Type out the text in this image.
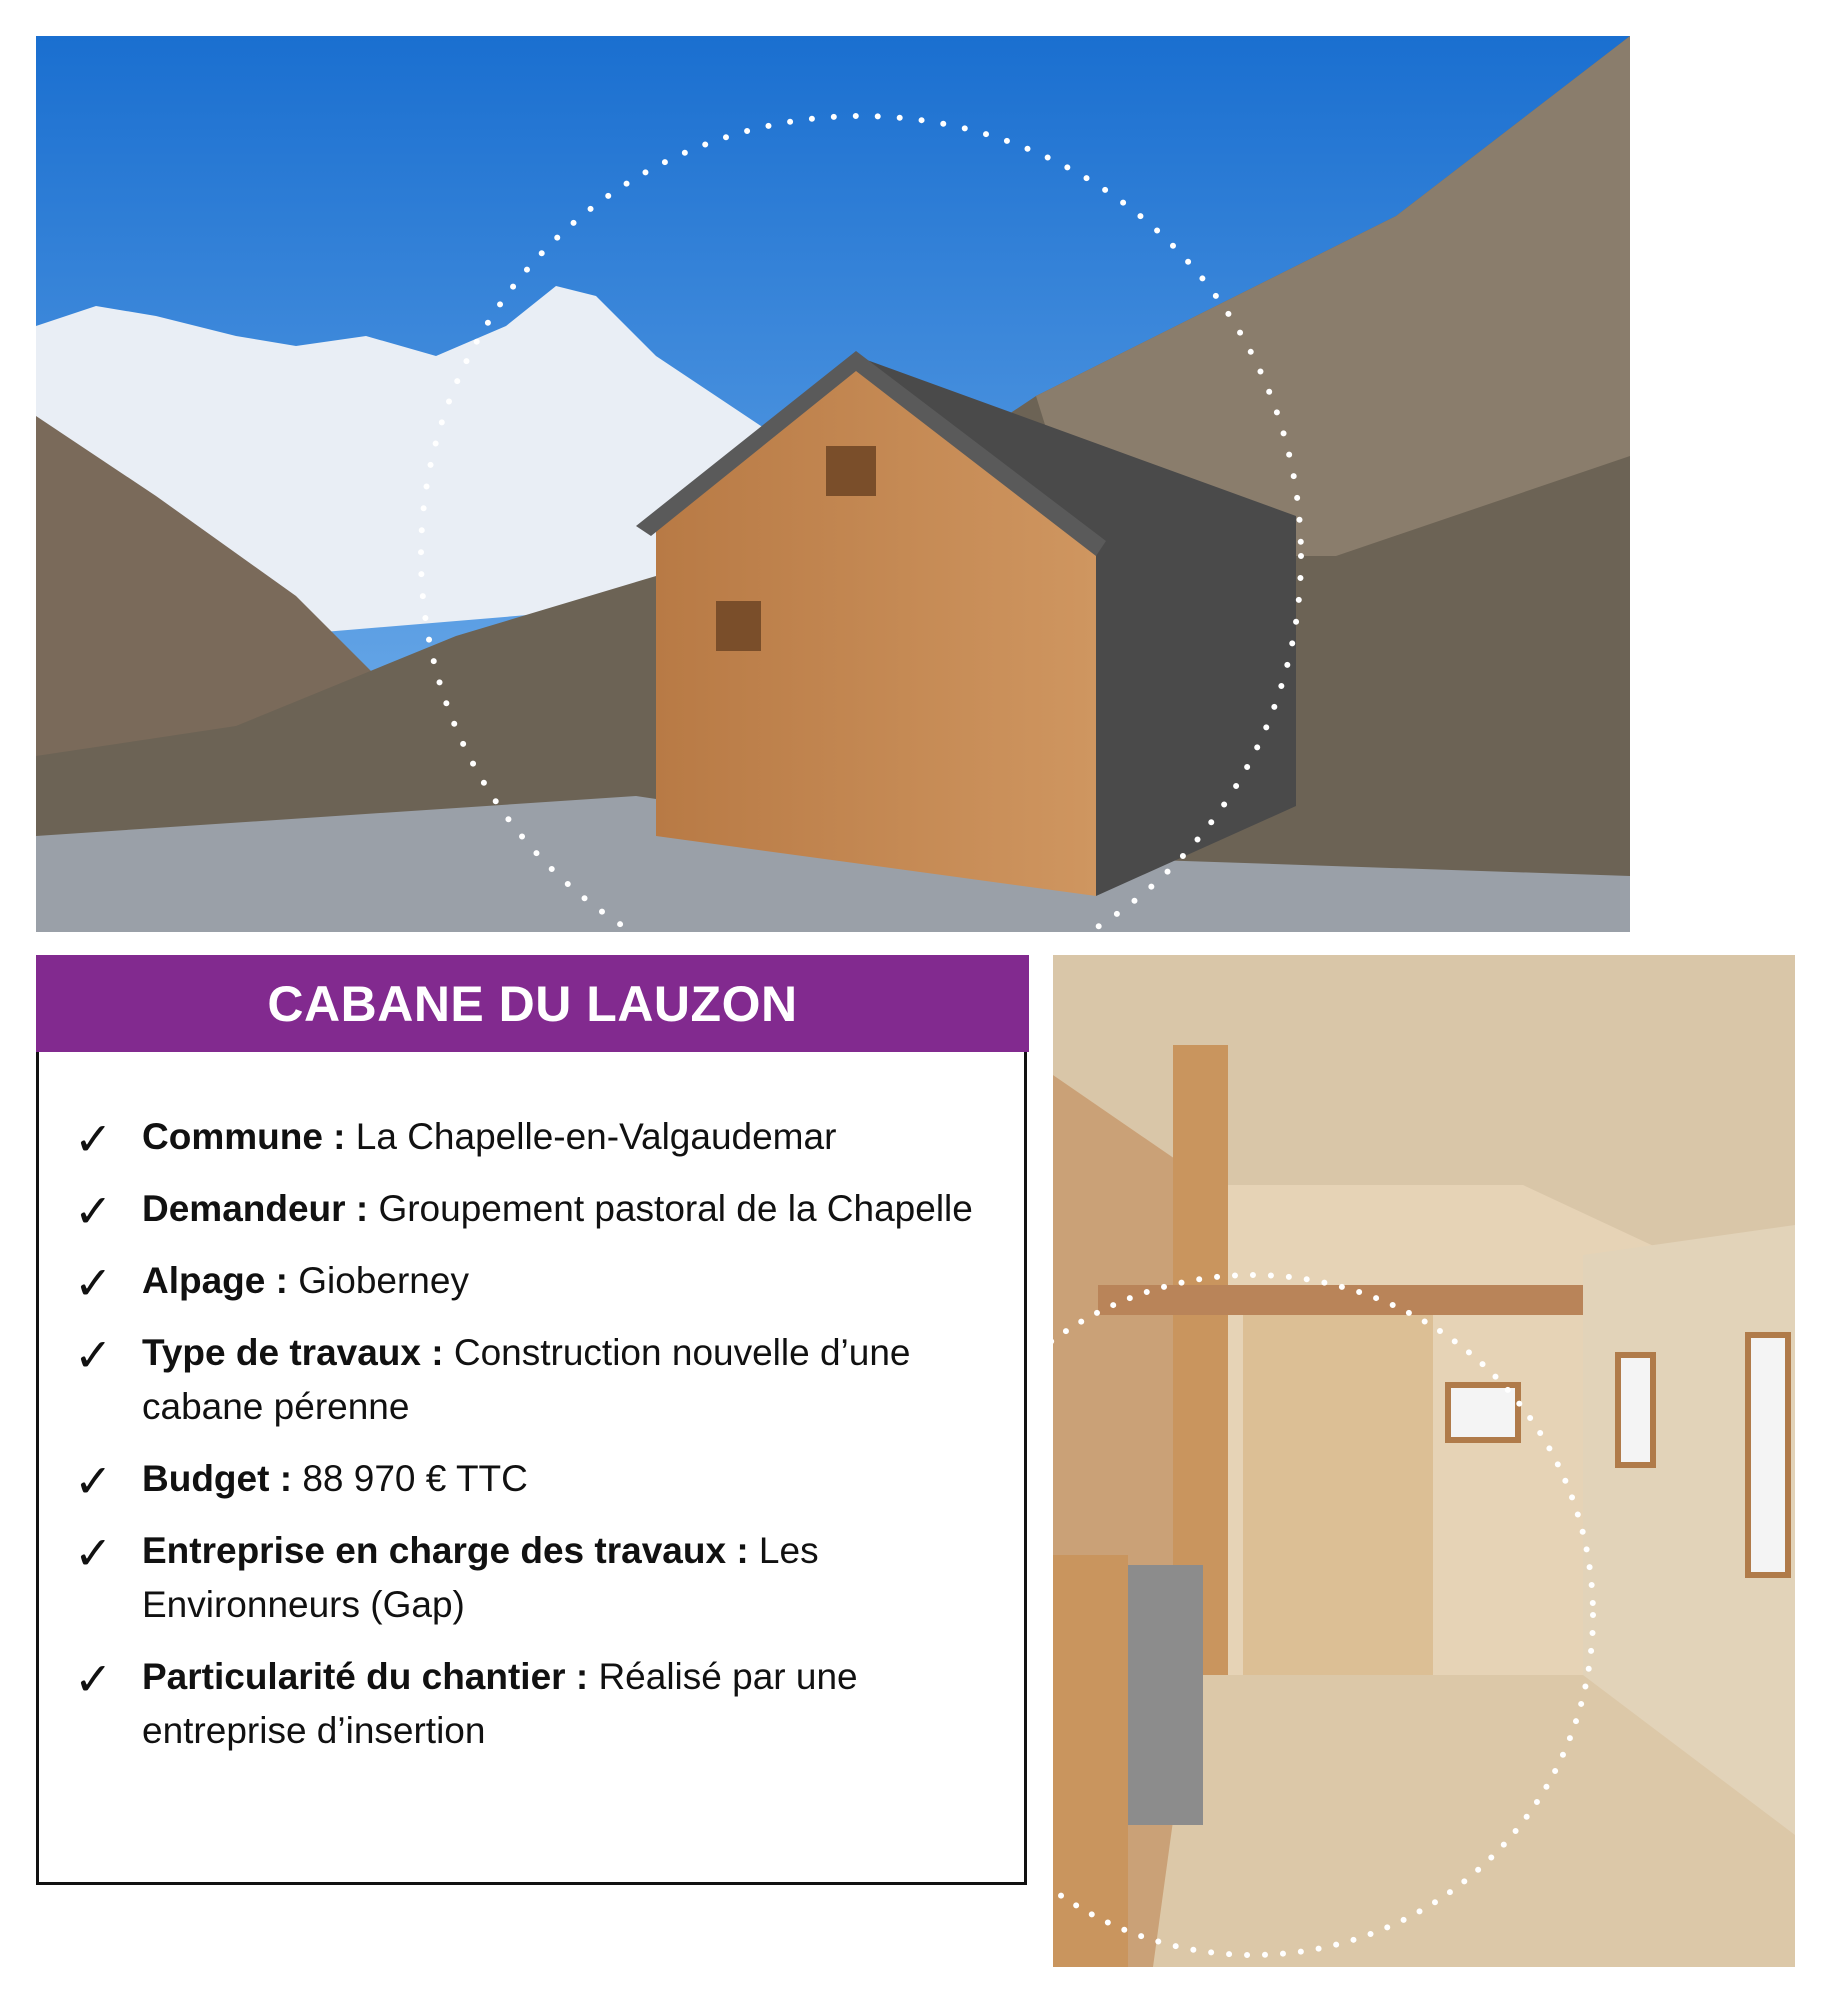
CABANE DU LAUZON
✓ Commune : La Chapelle-en-Valgaudemar
✓ Demandeur : Groupement pastoral de la Chapelle
✓ Alpage : Gioberney
✓ Type de travaux : Construction nouvelle d’une cabane pérenne
✓ Budget : 88 970 € TTC
✓ Entreprise en charge des travaux : Les Environneurs (Gap)
✓ Particularité du chantier : Réalisé par une entreprise d’insertion
